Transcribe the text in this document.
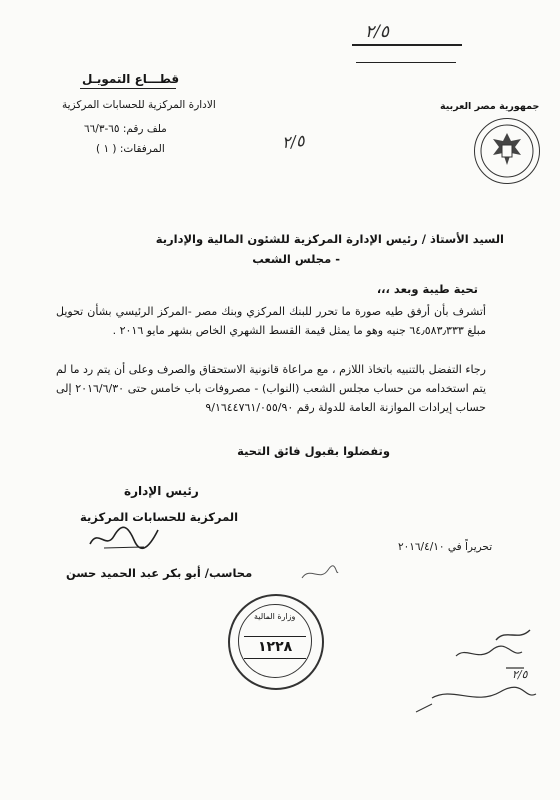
٢/٥
قطـــاع التمويـل
الادارة المركزية للحسابات المركزية
ملف رقم: ٦٥-٦٦/٣
المرفقات: ( ١ )	٢/٥
جمهورية مصر العربية
السيد الأستاذ / رئيس الإدارة المركزية للشئون المالية والإدارية
- مجلس الشعب
تحية طيبة وبعد ،،،
أتشرف بأن أرفق طيه صورة ما تحرر للبنك المركزي وبنك مصر -المركز الرئيسي بشأن تحويل مبلغ ٦٤٫٥٨٣٫٣٣٣ جنيه وهو ما يمثل قيمة القسط الشهري الخاص بشهر مايو ٢٠١٦ .
رجاء التفضل بالتنبيه باتخاذ اللازم ، مع مراعاة قانونية الاستحقاق والصرف وعلى أن يتم رد ما لم يتم استخدامه من حساب مجلس الشعب (النواب) - مصروفات باب خامس حتى ٢٠١٦/٦/٣٠ إلى حساب إيرادات الموازنة العامة للدولة رقم ٩/١٦٤٤٧٦١/٠٥٥/٩٠
وتفضلوا بقبول فائق التحية
رئيس الإدارة
المركزية للحسابات المركزية
تحريراً في ٢٠١٦/٤/١٠
محاسب/ أبو بكر عبد الحميد حسن
وزارة المالية
١٢٢٨
٢/٥
